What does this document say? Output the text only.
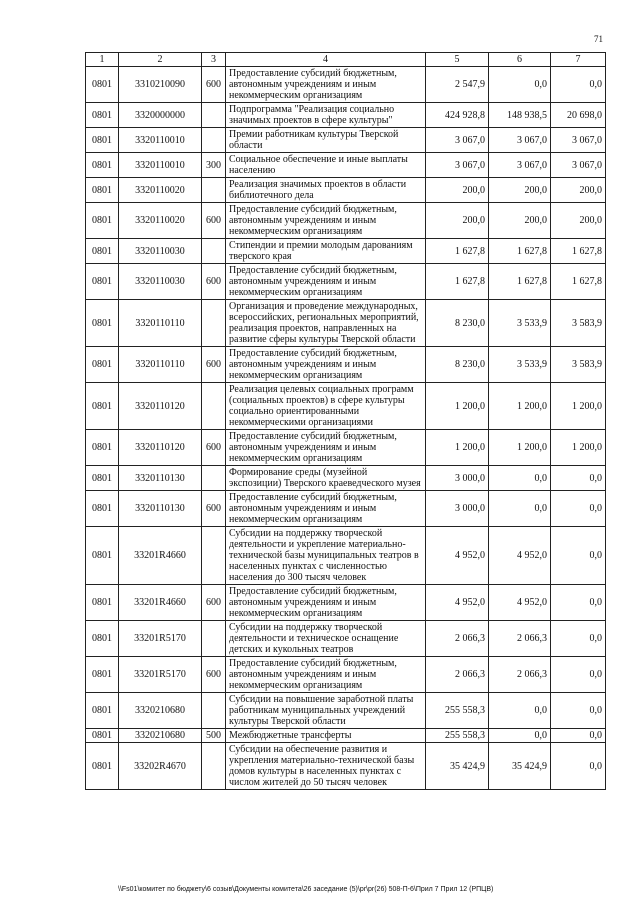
71
1	2	3	4	5	6	7
0801	3310210090	600	Предоставление субсидий бюджетным, автономным учреждениям и иным некоммерческим организациям	2 547,9	0,0	0,0
0801	3320000000		Подпрограмма "Реализация социально значимых проектов в сфере культуры"	424 928,8	148 938,5	20 698,0
0801	3320110010		Премии работникам культуры Тверской области	3 067,0	3 067,0	3 067,0
0801	3320110010	300	Социальное обеспечение и иные выплаты населению	3 067,0	3 067,0	3 067,0
0801	3320110020		Реализация значимых проектов в области библиотечного дела	200,0	200,0	200,0
0801	3320110020	600	Предоставление субсидий бюджетным, автономным учреждениям и иным некоммерческим организациям	200,0	200,0	200,0
0801	3320110030		Стипендии и премии молодым дарованиям тверского края	1 627,8	1 627,8	1 627,8
0801	3320110030	600	Предоставление субсидий бюджетным, автономным учреждениям и иным некоммерческим организациям	1 627,8	1 627,8	1 627,8
0801	3320110110		Организация и проведение международных, всероссийских, региональных мероприятий, реализация проектов, направленных на развитие сферы культуры Тверской области	8 230,0	3 533,9	3 583,9
0801	3320110110	600	Предоставление субсидий бюджетным, автономным учреждениям и иным некоммерческим организациям	8 230,0	3 533,9	3 583,9
0801	3320110120		Реализация целевых социальных программ (социальных проектов) в сфере культуры социально ориентированными некоммерческими организациями	1 200,0	1 200,0	1 200,0
0801	3320110120	600	Предоставление субсидий бюджетным, автономным учреждениям и иным некоммерческим организациям	1 200,0	1 200,0	1 200,0
0801	3320110130		Формирование среды (музейной экспозиции) Тверского краеведческого музея	3 000,0	0,0	0,0
0801	3320110130	600	Предоставление субсидий бюджетным, автономным учреждениям и иным некоммерческим организациям	3 000,0	0,0	0,0
0801	33201R4660		Субсидии на поддержку творческой деятельности и укрепление материально-технической базы муниципальных театров в населенных пунктах с численностью населения до 300 тысяч человек	4 952,0	4 952,0	0,0
0801	33201R4660	600	Предоставление субсидий бюджетным, автономным учреждениям и иным некоммерческим организациям	4 952,0	4 952,0	0,0
0801	33201R5170		Субсидии на поддержку творческой деятельности и техническое оснащение детских и кукольных театров	2 066,3	2 066,3	0,0
0801	33201R5170	600	Предоставление субсидий бюджетным, автономным учреждениям и иным некоммерческим организациям	2 066,3	2 066,3	0,0
0801	3320210680		Субсидии на повышение заработной платы работникам муниципальных учреждений культуры Тверской области	255 558,3	0,0	0,0
0801	3320210680	500	Межбюджетные трансферты	255 558,3	0,0	0,0
0801	33202R4670		Субсидии на обеспечение развития и укрепления материально-технической базы домов культуры в населенных пунктах с числом жителей до 50 тысяч человек	35 424,9	35 424,9	0,0
\\Fs01\комитет по бюджету\6 созыв\Документы комитета\26 заседание (5)\pr\pr(26) 508-П-6\Прил 7 Прил 12 (РПЦВ)
